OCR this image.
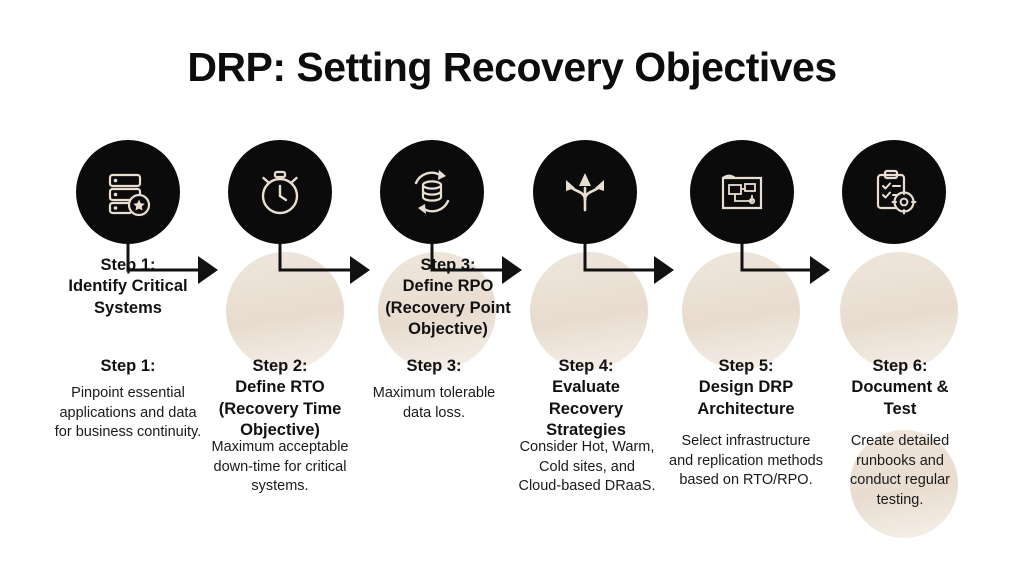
DRP: Setting Recovery Objectives
Step 1:
Identify Critical Systems
Step 1:
Pinpoint essential applications and data for business continuity.
Step 2:
Define RTO (Recovery Time Objective)
Maximum acceptable down-time for critical systems.
Step 3:
Define RPO (Recovery Point Objective)
Step 3:
Maximum tolerable data loss.
Step 4:
Evaluate Recovery Strategies
Consider Hot, Warm, Cold sites, and Cloud-based DRaaS.
Step 5:
Design DRP Architecture
Select infrastructure and replication methods based on RTO/RPO.
Step 6:
Document & Test
Create detailed runbooks and conduct regular testing.
